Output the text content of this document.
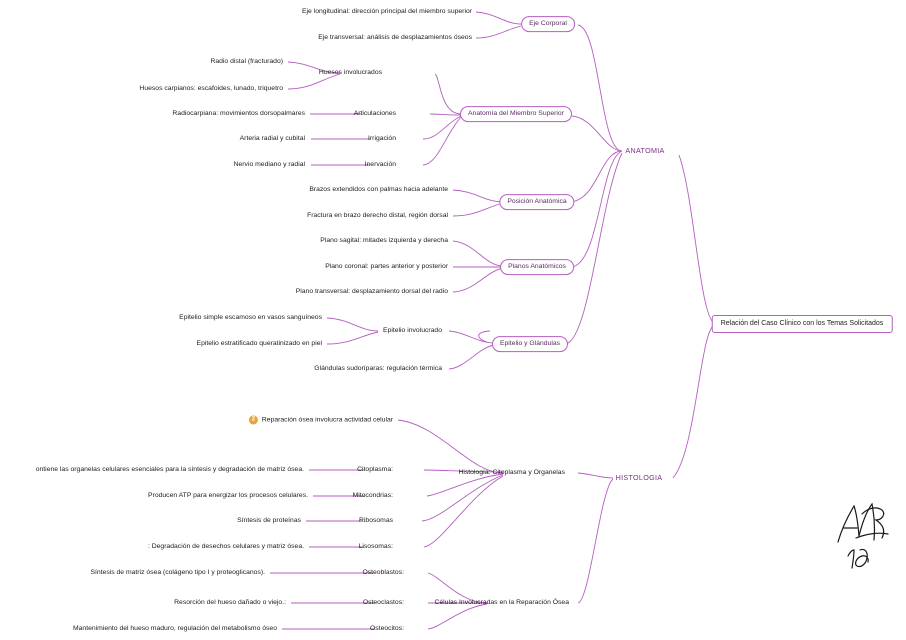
Relación del Caso Clínico con los Temas Solicitados
ANATOMIA
Eje Corporal
Eje longitudinal: dirección principal del miembro superior
Eje transversal: análisis de desplazamientos óseos
Anatomía del Miembro Superior
Huesos involucrados
Radio distal (fracturado)
Huesos carpianos: escafoides, lunado, triquetro
Articulaciones
Radiocarpiana: movimientos dorsopalmares
Irrigación
Arteria radial y cubital
Inervación
Nervio mediano y radial
Posición Anatómica
Brazos extendidos con palmas hacia adelante
Fractura en brazo derecho distal, región dorsal
Planos Anatómicos
Plano sagital: mitades izquierda y derecha
Plano coronal: partes anterior y posterior
Plano transversal: desplazamiento dorsal del radio
Epitelio y Glándulas
Epitelio involucrado
Epitelio simple escamoso en vasos sanguíneos
Epitelio estratificado queratinizado en piel
Glándulas sudoríparas: regulación térmica
HISTOLOGIA
Histología: Citoplasma y Organelas
2 Reparación ósea involucra actividad celular
Citoplasma:
ontiene las organelas celulares esenciales para la síntesis y degradación de matriz ósea.
Mitocondrias:
Producen ATP para energizar los procesos celulares.
Ribosomas
Síntesis de proteínas
Lisosomas:
: Degradación de desechos celulares y matriz ósea.
Células Involucradas en la Reparación Ósea
Osteoblastos:
Síntesis de matriz ósea (colágeno tipo I y proteoglicanos).
Osteoclastos:
Resorción del hueso dañado o viejo.:
Osteocitos:
Mantenimiento del hueso maduro, regulación del metabolismo óseo
